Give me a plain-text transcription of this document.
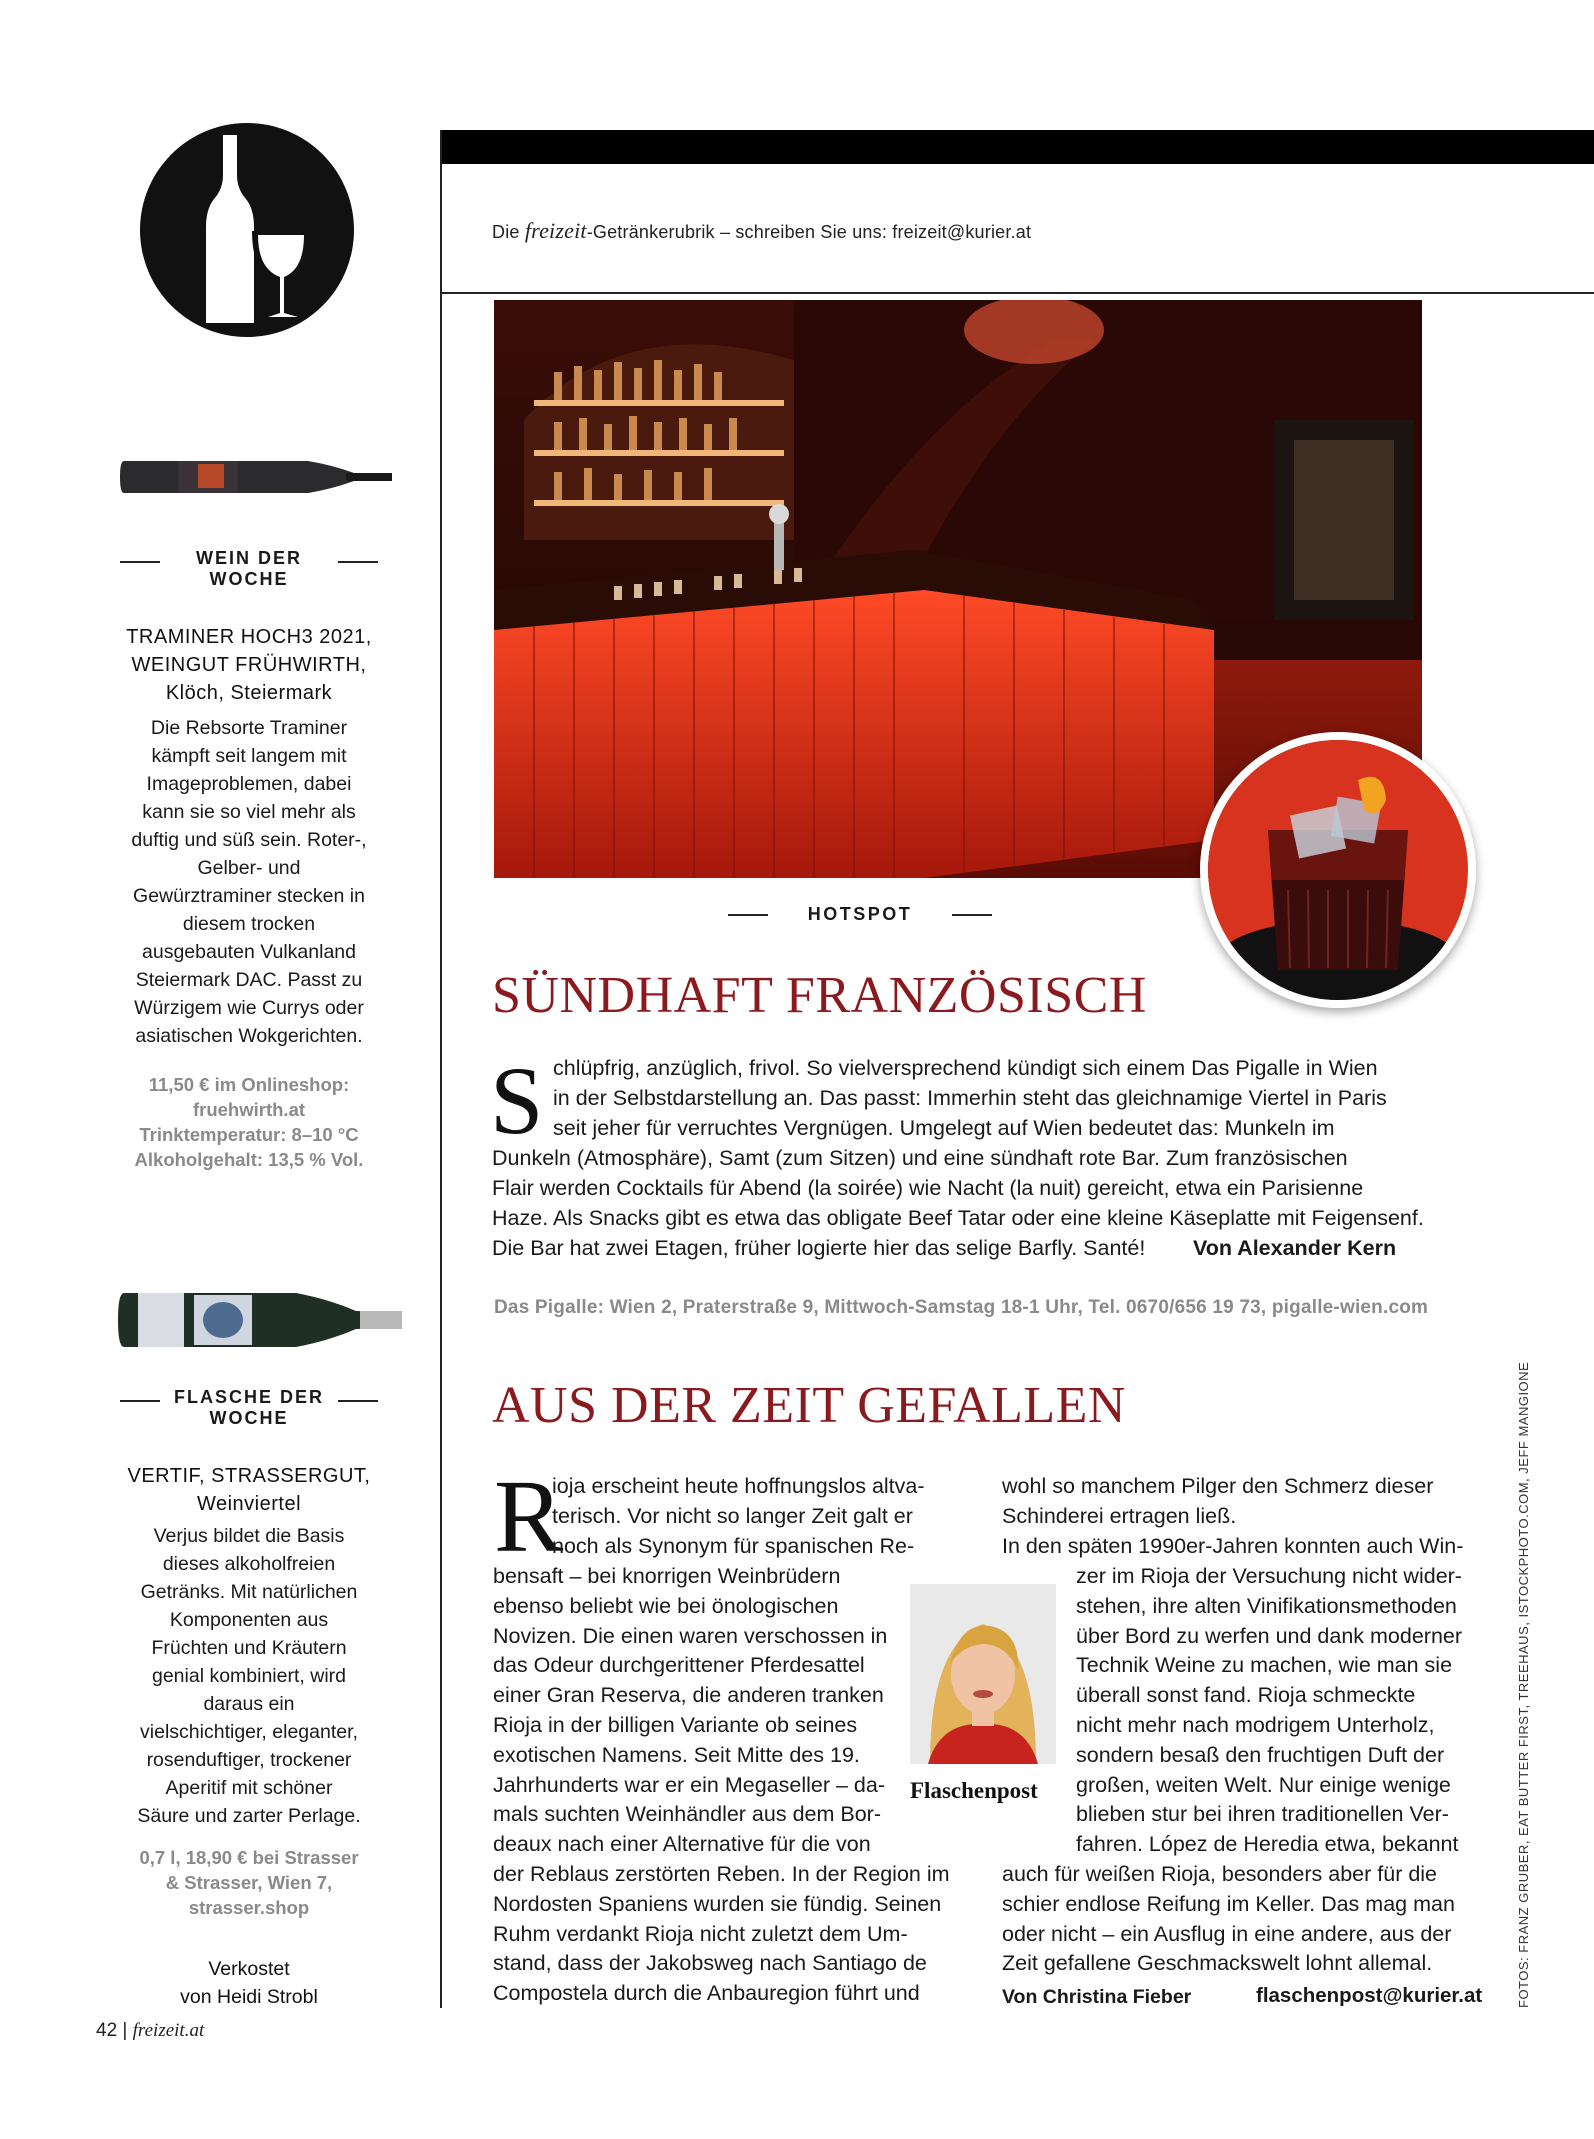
WEIN DER
WOCHE
TRAMINER HOCH3 2021,
WEINGUT FRÜHWIRTH,
Klöch, Steiermark
Die Rebsorte Traminer
kämpft seit langem mit
Imageproblemen, dabei
kann sie so viel mehr als
duftig und süß sein. Roter-,
Gelber- und
Gewürztraminer stecken in
diesem trocken
ausgebauten Vulkanland
Steiermark DAC. Passt zu
Würzigem wie Currys oder
asiatischen Wokgerichten.
11,50 € im Onlineshop:
fruehwirth.at
Trinktemperatur: 8–10 °C
Alkoholgehalt: 13,5 % Vol.
FLASCHE DER
WOCHE
VERTIF, STRASSERGUT,
Weinviertel
Verjus bildet die Basis
dieses alkoholfreien
Getränks. Mit natürlichen
Komponenten aus
Früchten und Kräutern
genial kombiniert, wird
daraus ein
vielschichtiger, eleganter,
rosenduftiger, trockener
Aperitif mit schöner
Säure und zarter Perlage.
0,7 l, 18,90 € bei Strasser
& Strasser, Wien 7,
strasser.shop
Verkostet
von Heidi Strobl
Die freizeit-Getränkerubrik – schreiben Sie uns: freizeit@kurier.at
HOTSPOT
SÜNDHAFT FRANZÖSISCH
S chlüpfrig, anzüglich, frivol. So vielversprechend kündigt sich einem Das Pigalle in Wien
in der Selbstdarstellung an. Das passt: Immerhin steht das gleichnamige Viertel in Paris
seit jeher für verruchtes Vergnügen. Umgelegt auf Wien bedeutet das: Munkeln im
Dunkeln (Atmosphäre), Samt (zum Sitzen) und eine sündhaft rote Bar. Zum französischen
Flair werden Cocktails für Abend (la soirée) wie Nacht (la nuit) gereicht, etwa ein Parisienne
Haze. Als Snacks gibt es etwa das obligate Beef Tatar oder eine kleine Käseplatte mit Feigensenf.
Die Bar hat zwei Etagen, früher logierte hier das selige Barfly. Santé! Von Alexander Kern
Das Pigalle: Wien 2, Praterstraße 9, Mittwoch-Samstag 18-1 Uhr, Tel. 0670/656 19 73, pigalle-wien.com
AUS DER ZEIT GEFALLEN
R
ioja erscheint heute hoffnungslos altva-
terisch. Vor nicht so langer Zeit galt er
noch als Synonym für spanischen Re-
bensaft – bei knorrigen Weinbrüdern
ebenso beliebt wie bei önologischen
Novizen. Die einen waren verschossen in
das Odeur durchgerittener Pferdesattel
einer Gran Reserva, die anderen tranken
Rioja in der billigen Variante ob seines
exotischen Namens. Seit Mitte des 19.
Jahrhunderts war er ein Megaseller – da-
mals suchten Weinhändler aus dem Bor-
deaux nach einer Alternative für die von
der Reblaus zerstörten Reben. In der Region im
Nordosten Spaniens wurden sie fündig. Seinen
Ruhm verdankt Rioja nicht zuletzt dem Um-
stand, dass der Jakobsweg nach Santiago de
Compostela durch die Anbauregion führt und
Flaschenpost
wohl so manchem Pilger den Schmerz dieser
Schinderei ertragen ließ.
In den späten 1990er-Jahren konnten auch Win-
zer im Rioja der Versuchung nicht wider-
stehen, ihre alten Vinifikationsmethoden
über Bord zu werfen und dank moderner
Technik Weine zu machen, wie man sie
überall sonst fand. Rioja schmeckte
nicht mehr nach modrigem Unterholz,
sondern besaß den fruchtigen Duft der
großen, weiten Welt. Nur einige wenige
blieben stur bei ihren traditionellen Ver-
fahren. López de Heredia etwa, bekannt
auch für weißen Rioja, besonders aber für die
schier endlose Reifung im Keller. Das mag man
oder nicht – ein Ausflug in eine andere, aus der
Zeit gefallene Geschmackswelt lohnt allemal.
Von Christina Fieber	flaschenpost@kurier.at	FOTOS: FRANZ GRUBER, EAT BUTTER FIRST, TREEHAUS, ISTOCKPHOTO.COM, JEFF MANGIONE
42 | freizeit.at
